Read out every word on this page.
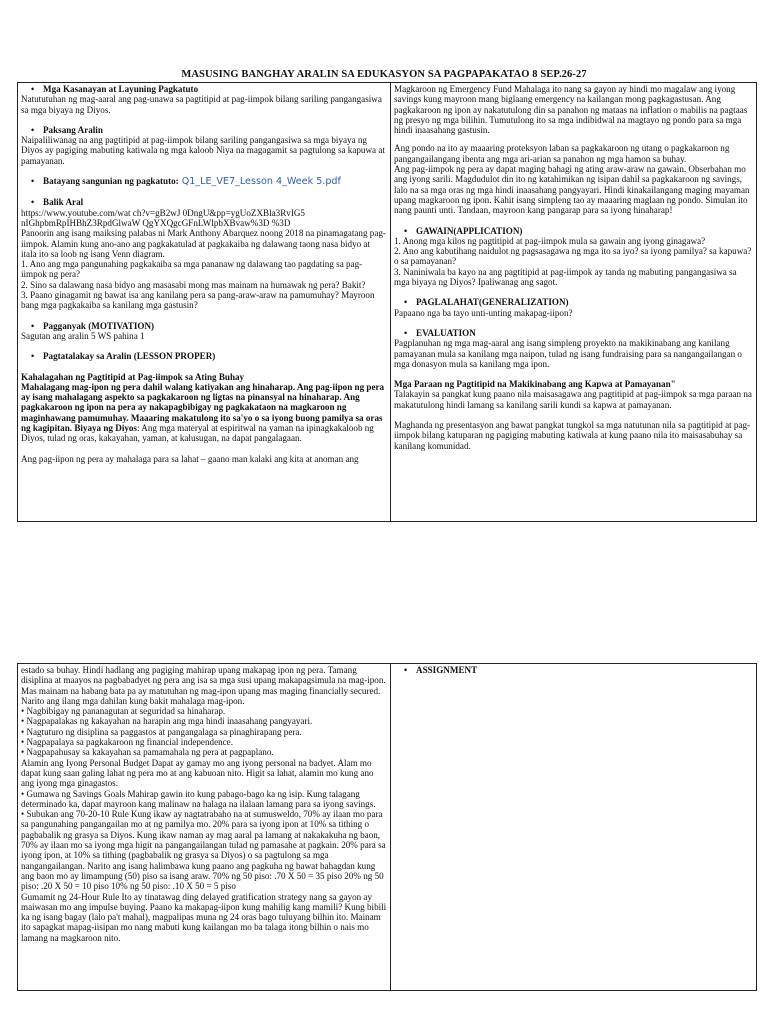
MASUSING BANGHAY ARALIN SA EDUKASYON SA PAGPAPAKATAO 8 SEP.26-27
• Mga Kasanayan at Layuning Pagkatuto

Natututuhan ng mag-aaral ang pag-unawa sa pagtitipid at pag-iimpok bilang sariling pangangasiwa sa mga biyaya ng Diyos.

• Paksang Aralin

Naipaliliwanag na ang pagtitipid at pag-iimpok bilang sariling pangangasiwa sa mga biyaya ng Diyos ay pagiging mabuting katiwala ng mga kaloob Niya na magagamit sa pagtulong sa kapuwa at pamayanan.

• Batayang sangunian ng pagkatuto: Q1_LE_VE7_Lesson 4_Week 5.pdf
• Balik Aral

https://www.youtube.com/wat ch?v=gB2wJ 0DngU&pp=ygUoZXBla3RvIG5

nIGhpbmRpIHBhZ3RpdGlwaW QgYXQgcGFnLWlpbXBvaw%3D %3D

Panoorin ang isang maiksing palabas ni Mark Anthony Abarquez noong 2018 na pinamagatang pag-iimpok. Alamin kung ano-ano ang pagkakatulad at pagkakaiba ng dalawang taong nasa bidyo at itala ito sa loob ng isang Venn diagram.

1. Ano ang mga pangunahing pagkakaiba sa mga pananaw ng dalawang tao pagdating sa pag-iimpok ng pera?

2. Sino sa dalawang nasa bidyo ang masasabi mong mas mainam na humawak ng pera? Bakit?

3. Paano ginagamit ng bawat isa ang kanilang pera sa pang-araw-araw na pamumuhay? Mayroon bang mga pagkakaiba sa kanilang mga gastusin?

• Pagganyak (MOTIVATION)

Sagutan ang aralin 5 WS pahina 1

• Pagtatalakay sa Aralin (LESSON PROPER)

Kahalagahan ng Pagtitipid at Pag-iimpok sa Ating Buhay

Mahalagang mag-ipon ng pera dahil walang katiyakan ang hinaharap. Ang pag-iipon ng pera ay isang mahalagang aspekto sa pagkakaroon ng ligtas na pinansyal na hinaharap. Ang pagkakaroon ng ipon na pera ay nakapagbibigay ng pagkakataon na magkaroon ng maginhawang pamumuhay. Maaaring makatulong ito sa'yo o sa iyong buong pamilya sa oras ng kagipitan. Biyaya ng Diyos: Ang mga materyal at espiritwal na yaman na ipinagkakaloob ng Diyos, tulad ng oras, kakayahan, yaman, at kalusugan, na dapat pangalagaan.

Ang pag-iipon ng pera ay mahalaga para sa lahat – gaano man kalaki ang kita at anoman ang

Magkaroon ng Emergency Fund Mahalaga ito nang sa gayon ay hindi mo magalaw ang iyong savings kung mayroon mang biglaang emergency na kailangan mong pagkagastusan. Ang pagkakaroon ng ipon ay nakatutulong din sa panahon ng mataas na inflation o mabilis na pagtaas ng presyo ng mga bilihin. Tumutulong ito sa mga indibidwal na magtayo ng pondo para sa mga hindi inaasahang gastusin.

Ang pondo na ito ay maaaring proteksyon laban sa pagkakaroon ng utang o pagkakaroon ng pangangailangang ibenta ang mga ari-arian sa panahon ng mga hamon sa buhay.

Ang pag-iimpok ng pera ay dapat maging bahagi ng ating araw-araw na gawain. Obserbahan mo ang iyong sarili. Magdudulot din ito ng katahimikan ng isipan dahil sa pagkakaroon ng savings, lalo na sa mga oras ng mga hindi inaasahang pangyayari. Hindi kinakailangang maging mayaman upang magkaroon ng ipon. Kahit isang simpleng tao ay maaaring maglaan ng pondo. Simulan ito nang paunti unti. Tandaan, mayroon kang pangarap para sa iyong hinaharap!

• GAWAIN(APPLICATION)

1. Anong mga kilos ng pagtitipid at pag-iimpok mula sa gawain ang iyong ginagawa?

2. Ano ang kabutihang naidulot ng pagsasagawa ng mga ito sa iyo? sa iyong pamilya? sa kapuwa? o sa pamayanan?

3. Naniniwala ba kayo na ang pagtitipid at pag-iimpok ay tanda ng mabuting pangangasiwa sa mga biyaya ng Diyos? Ipaliwanag ang sagot.

• PAGLALAHAT(GENERALIZATION)

Papaano nga ba tayo unti-unting makapag-iipon?

• EVALUATION

Pagplanuhan ng mga mag-aaral ang isang simpleng proyekto na makikinabang ang kanilang pamayanan mula sa kanilang mga naipon, tulad ng isang fundraising para sa nangangailangan o mga donasyon mula sa kanilang mga ipon.

Mga Paraan ng Pagtitipid na Makikinabang ang Kapwa at Pamayanan"

Talakayin sa pangkat kung paano nila maisasagawa ang pagtitipid at pag-iimpok sa mga paraan na makatutulong hindi lamang sa kanilang sarili kundi sa kapwa at pamayanan.

Maghanda ng presentasyon ang bawat pangkat tungkol sa mga natutunan nila sa pagtitipid at pag-iimpok bilang katuparan ng pagiging mabuting katiwala at kung paano nila ito maisasabuhay sa kanilang komunidad.

estado sa buhay. Hindi hadlang ang pagiging mahirap upang makapag ipon ng pera. Tamang disiplina at maayos na pagbabadyet ng pera ang isa sa mga susi upang makapagsimula na mag-ipon. Mas mainam na habang bata pa ay matutuhan ng mag-ipon upang mas maging financially secured. Narito ang ilang mga dahilan kung bakit mahalaga mag-ipon.

• Nagbibigay ng pananagutan at seguridad sa hinaharap.

• Nagpapalakas ng kakayahan na harapin ang mga hindi inaasahang pangyayari.

• Nagtuturo ng disiplina sa paggastos at pangangalaga sa pinaghirapang pera.

• Nagpapalaya sa pagkakaroon ng financial independence.

• Nagpapahusay sa kakayahan sa pamamahala ng pera at pagpaplano.

Alamin ang Iyong Personal Budget Dapat ay gamay mo ang iyong personal na badyet. Alam mo dapat kung saan galing lahat ng pera mo at ang kabuoan nito. Higit sa lahat, alamin mo kung ano ang iyong mga ginagastos.

• Gumawa ng Savings Goals Mahirap gawin ito kung pabago-bago ka ng isip. Kung talagang determinado ka, dapat mayroon kang malinaw na halaga na ilalaan lamang para sa iyong savings.

• Subukan ang 70-20-10 Rule Kung ikaw ay nagtatrabaho na at sumusweldo, 70% ay ilaan mo para sa pangunahing pangangailan mo at ng pamilya mo. 20% para sa iyong ipon at 10% sa tithing o pagbabalik ng grasya sa Diyos. Kung ikaw naman ay mag aaral pa lamang at nakakakuha ng baon, 70% ay ilaan mo sa iyong mga higit na pangangailangan tulad ng pamasahe at pagkain. 20% para sa iyong ipon, at 10% sa tithing (pagbabalik ng grasya sa Diyos) o sa pagtulong sa mga nangangailangan. Narito ang isang halimbawa kung paano ang pagkuha ng bawat bahagdan kung ang baon mo ay limampung (50) piso sa isang araw. 70% ng 50 piso: .70 X 50 = 35 piso 20% ng 50 piso: .20 X 50 = 10 piso 10% ng 50 piso: .10 X 50 = 5 piso

Gumamit ng 24-Hour Rule Ito ay tinatawag ding delayed gratification strategy nang sa gayon ay maiwasan mo ang impulse buying. Paano ka makapag-iipon kung mahilig kang mamili? Kung bibili ka ng isang bagay (lalo pa't mahal), magpalipas muna ng 24 oras bago tuluyang bilhin ito. Mainam ito sapagkat mapag-iisipan mo nang mabuti kung kailangan mo ba talaga itong bilhin o nais mo lamang na magkaroon nito.

• ASSIGNMENT
